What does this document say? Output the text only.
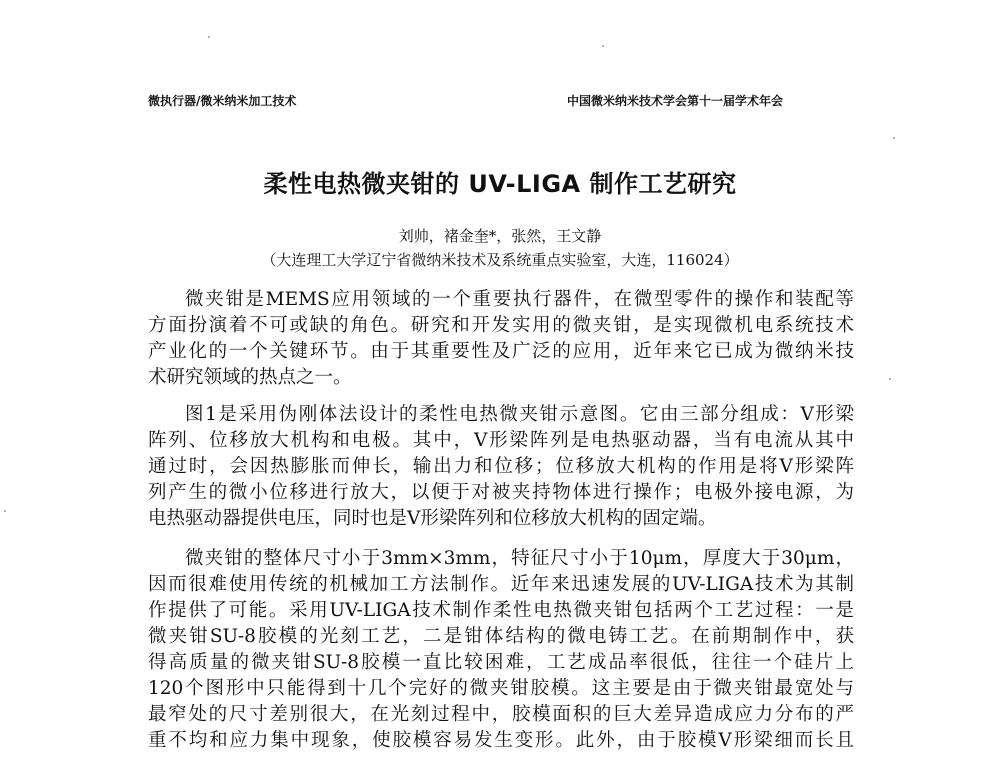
微执行器/微米纳米加工技术	中国微米纳米技术学会第十一届学术年会
柔性电热微夹钳的 UV-LIGA 制作工艺研究
刘帅，褚金奎*，张然，王文静
（大连理工大学辽宁省微纳米技术及系统重点实验室，大连，116024）
微夹钳是MEMS应用领域的一个重要执行器件，在微型零件的操作和装配等
方面扮演着不可或缺的角色。研究和开发实用的微夹钳，是实现微机电系统技术
产业化的一个关键环节。由于其重要性及广泛的应用，近年来它已成为微纳米技
术研究领域的热点之一。
图1是采用伪刚体法设计的柔性电热微夹钳示意图。它由三部分组成：V形梁
阵列、位移放大机构和电极。其中，V形梁阵列是电热驱动器，当有电流从其中
通过时，会因热膨胀而伸长，输出力和位移；位移放大机构的作用是将V形梁阵
列产生的微小位移进行放大，以便于对被夹持物体进行操作；电极外接电源，为
电热驱动器提供电压，同时也是V形梁阵列和位移放大机构的固定端。
微夹钳的整体尺寸小于3mm×3mm，特征尺寸小于10μm，厚度大于30μm，
因而很难使用传统的机械加工方法制作。近年来迅速发展的UV-LIGA技术为其制
作提供了可能。采用UV-LIGA技术制作柔性电热微夹钳包括两个工艺过程：一是
微夹钳SU-8胶模的光刻工艺，二是钳体结构的微电铸工艺。在前期制作中，获
得高质量的微夹钳SU-8胶模一直比较困难，工艺成品率很低，往往一个硅片上
120个图形中只能得到十几个完好的微夹钳胶模。这主要是由于微夹钳最宽处与
最窄处的尺寸差别很大，在光刻过程中，胶模面积的巨大差异造成应力分布的严
重不均和应力集中现象，使胶模容易发生变形。此外，由于胶模V形梁细而长且
